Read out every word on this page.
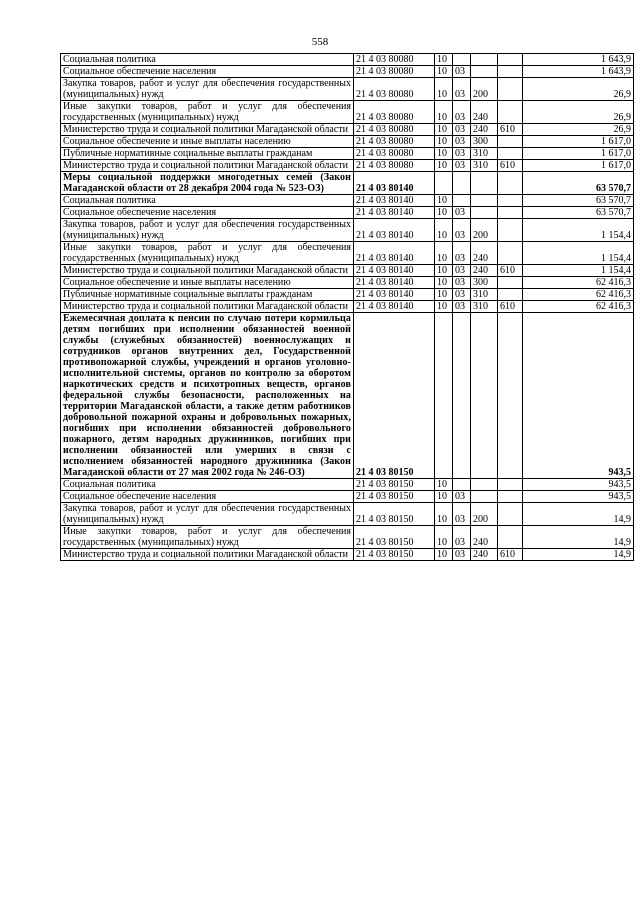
558
Социальная политика	21 4 03 80080	10				1 643,9
Социальное обеспечение населения	21 4 03 80080	10	03			1 643,9
Закупка товаров, работ и услуг для обеспечения государственных (муниципальных) нужд	21 4 03 80080	10	03	200		26,9
Иные закупки товаров, работ и услуг для обеспечения государственных (муниципальных) нужд	21 4 03 80080	10	03	240		26,9
Министерство труда и социальной политики Магаданской области	21 4 03 80080	10	03	240	610	26,9
Социальное обеспечение и иные выплаты населению	21 4 03 80080	10	03	300		1 617,0
Публичные нормативные социальные выплаты гражданам	21 4 03 80080	10	03	310		1 617,0
Министерство труда и социальной политики Магаданской области	21 4 03 80080	10	03	310	610	1 617,0
Меры социальной поддержки многодетных семей (Закон Магаданской области от 28 декабря 2004 года № 523-ОЗ)	21 4 03 80140					63 570,7
Социальная политика	21 4 03 80140	10				63 570,7
Социальное обеспечение населения	21 4 03 80140	10	03			63 570,7
Закупка товаров, работ и услуг для обеспечения государственных (муниципальных) нужд	21 4 03 80140	10	03	200		1 154,4
Иные закупки товаров, работ и услуг для обеспечения государственных (муниципальных) нужд	21 4 03 80140	10	03	240		1 154,4
Министерство труда и социальной политики Магаданской области	21 4 03 80140	10	03	240	610	1 154,4
Социальное обеспечение и иные выплаты населению	21 4 03 80140	10	03	300		62 416,3
Публичные нормативные социальные выплаты гражданам	21 4 03 80140	10	03	310		62 416,3
Министерство труда и социальной политики Магаданской области	21 4 03 80140	10	03	310	610	62 416,3
Ежемесячная доплата к пенсии по случаю потери кормильца детям погибших при исполнении обязанностей военной службы (служебных обязанностей) военнослужащих и сотрудников органов внутренних дел, Государственной противопожарной службы, учреждений и органов уголовно-исполнительной системы, органов по контролю за оборотом наркотических средств и психотропных веществ, органов федеральной службы безопасности, расположенных на территории Магаданской области, а также детям работников добровольной пожарной охраны и добровольных пожарных, погибших при исполнении обязанностей добровольного пожарного, детям народных дружинников, погибших при исполнении обязанностей или умерших в связи с исполнением обязанностей народного дружинника (Закон Магаданской области от 27 мая 2002 года № 246-ОЗ)	21 4 03 80150					943,5
Социальная политика	21 4 03 80150	10				943,5
Социальное обеспечение населения	21 4 03 80150	10	03			943,5
Закупка товаров, работ и услуг для обеспечения государственных (муниципальных) нужд	21 4 03 80150	10	03	200		14,9
Иные закупки товаров, работ и услуг для обеспечения государственных (муниципальных) нужд	21 4 03 80150	10	03	240		14,9
Министерство труда и социальной политики Магаданской области	21 4 03 80150	10	03	240	610	14,9
